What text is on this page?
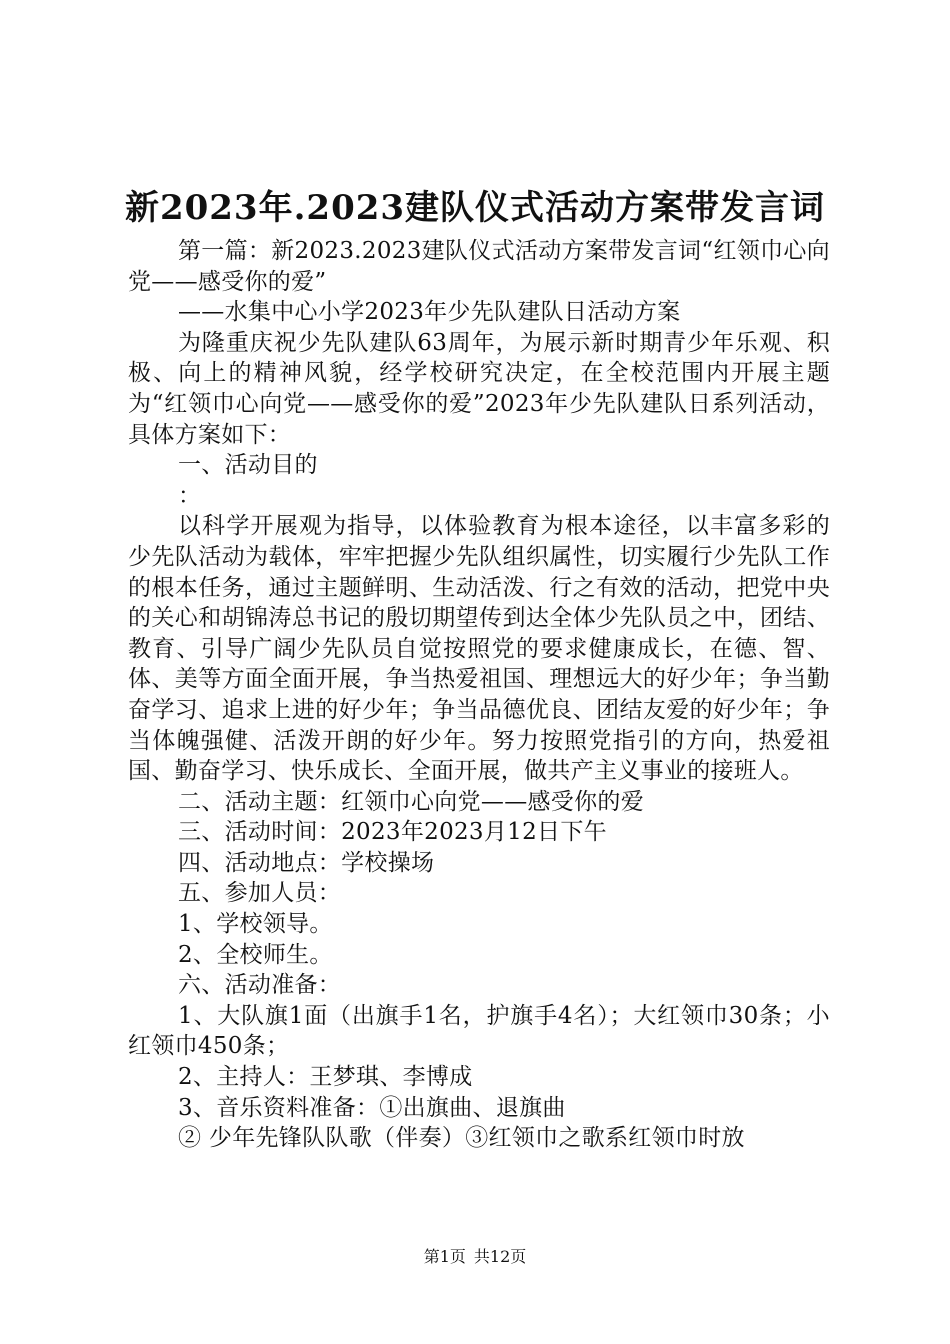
新2023年.2023建队仪式活动方案带发言词

第一篇：新2023.2023建队仪式活动方案带发言词“红领巾心向党——感受你的爱”

——水集中心小学2023年少先队建队日活动方案

为隆重庆祝少先队建队63周年，为展示新时期青少年乐观、积极、向上的精神风貌，经学校研究决定，在全校范围内开展主题为“红领巾心向党——感受你的爱”2023年少先队建队日系列活动，具体方案如下：

一、活动目的

：

以科学开展观为指导，以体验教育为根本途径，以丰富多彩的少先队活动为载体，牢牢把握少先队组织属性，切实履行少先队工作的根本任务，通过主题鲜明、生动活泼、行之有效的活动，把党中央的关心和胡锦涛总书记的殷切期望传到达全体少先队员之中，团结、教育、引导广阔少先队员自觉按照党的要求健康成长，在德、智、体、美等方面全面开展，争当热爱祖国、理想远大的好少年；争当勤奋学习、追求上进的好少年；争当品德优良、团结友爱的好少年；争当体魄强健、活泼开朗的好少年。努力按照党指引的方向，热爱祖国、勤奋学习、快乐成长、全面开展，做共产主义事业的接班人。

二、活动主题：红领巾心向党——感受你的爱

三、活动时间：2023年2023月12日下午

四、活动地点：学校操场

五、参加人员：

1、学校领导。

2、全校师生。

六、活动准备：

1、大队旗1面（出旗手1名，护旗手4名）；大红领巾30条；小红领巾450条；

2、主持人：王梦琪、李博成

3、音乐资料准备：①出旗曲、退旗曲

② 少年先锋队队歌（伴奏）③红领巾之歌系红领巾时放

第1页 共12页
